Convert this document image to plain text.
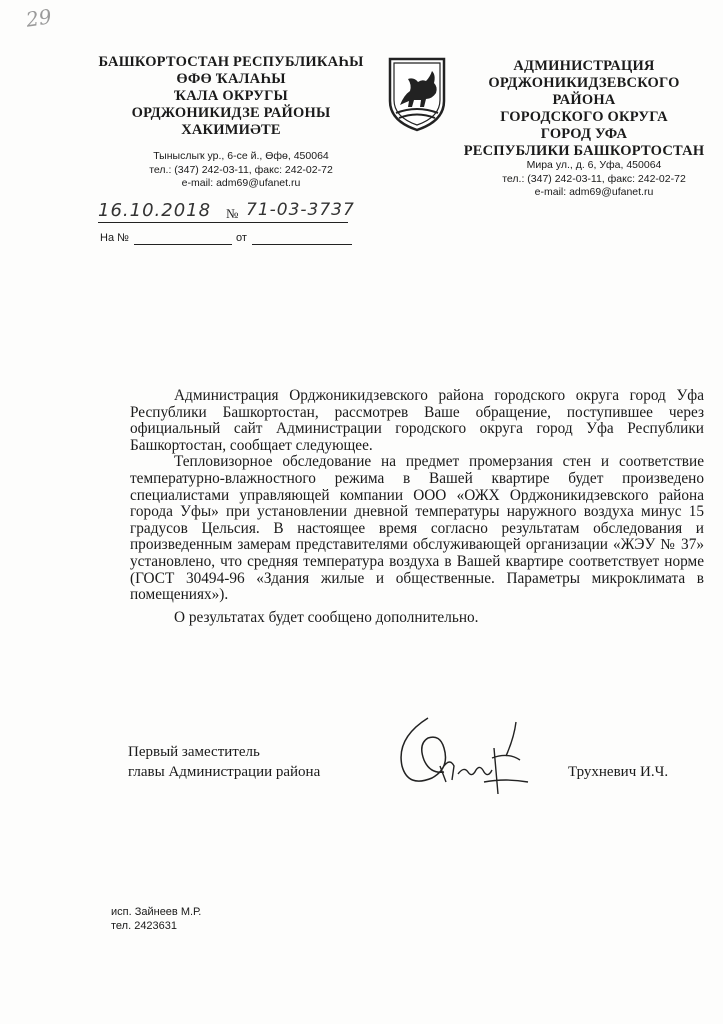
29
БАШКОРТОСТАН РЕСПУБЛИКАҺЫ
ӨФӨ ҠАЛАҺЫ
ҠАЛА ОКРУГЫ
ОРДЖОНИКИДЗЕ РАЙОНЫ
ХАКИМИӘТЕ
АДМИНИСТРАЦИЯ
ОРДЖОНИКИДЗЕВСКОГО РАЙОНА
ГОРОДСКОГО ОКРУГА
ГОРОД УФА
РЕСПУБЛИКИ БАШКОРТОСТАН
Тыныслыҡ ур., 6-се й., Өфө, 450064
тел.: (347) 242-03-11, факс: 242-02-72
e-mail: adm69@ufanet.ru
Мира ул., д. 6, Уфа, 450064
тел.: (347) 242-03-11, факс: 242-02-72
e-mail: adm69@ufanet.ru
16.10.2018 № 71-03-3737
На №	от

Администрация Орджоникидзевского района городского округа город Уфа Республики Башкортостан, рассмотрев Ваше обращение, поступившее через официальный сайт Администрации городского округа город Уфа Республики Башкортостан, сообщает следующее.

Тепловизорное обследование на предмет промерзания стен и соответствие температурно-влажностного режима в Вашей квартире будет произведено специалистами управляющей компании ООО «ОЖХ Орджоникидзевского района города Уфы» при установлении дневной температуры наружного воздуха минус 15 градусов Цельсия. В настоящее время согласно результатам обследования и произведенным замерам представителями обслуживающей организации «ЖЭУ № 37» установлено, что средняя температура воздуха в Вашей квартире соответствует норме (ГОСТ 30494-96 «Здания жилые и общественные. Параметры микроклимата в помещениях»).

О результатах будет сообщено дополнительно.

Первый заместитель
главы Администрации района	Трухневич И.Ч.
исп. Зайнеев М.Р.
тел. 2423631
